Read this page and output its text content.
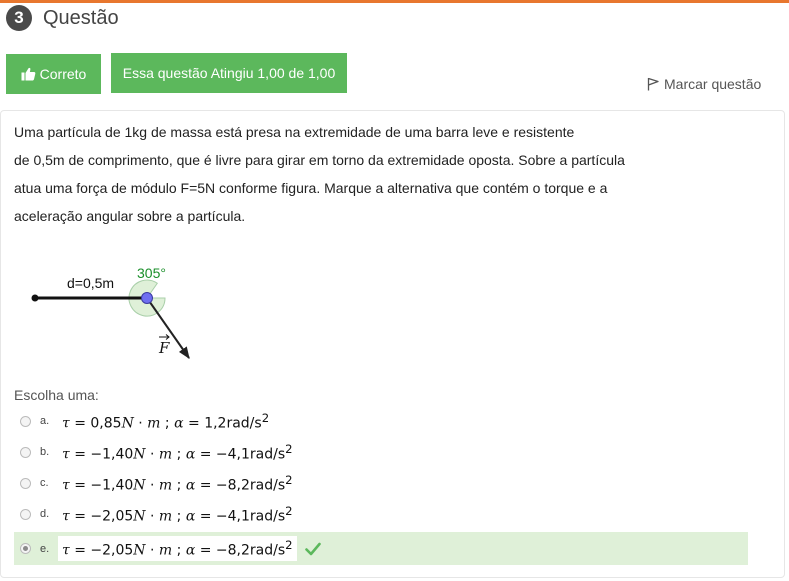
3 Questão
Correto	Essa questão Atingiu 1,00 de 1,00
Marcar questão
Uma partícula de 1kg de massa está presa na extremidade de uma barra leve e resistente
de 0,5m de comprimento, que é livre para girar em torno da extremidade oposta. Sobre a partícula
atua uma força de módulo F=5N conforme figura. Marque a alternativa que contém o torque e a
aceleração angular sobre a partícula.
d=0,5m
305°
F
Escolha uma:
a. τ = 0,85N · m ; $\alpha = 1,2rad/s^2$
b. τ = −1,40N · m ; $\alpha = -4,1rad/s^2$
c. τ = −1,40N · m ; $\alpha = -8,2rad/s^2$
d. τ = −2,05N · m ; $\alpha = -4,1rad/s^2$
e. τ = −2,05N · m ; $\alpha = -8,2rad/s^2$
